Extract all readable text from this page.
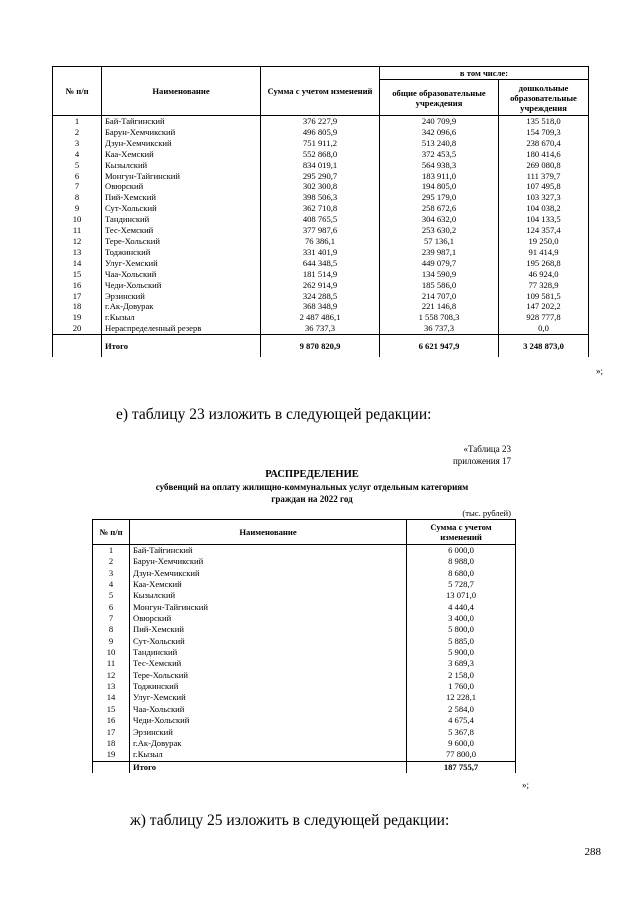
№ п/п	Наименование	Сумма с учетом изменений	в том числе:	
			общие образовательные учреждения	дошкольные образовательные учреждения
1	Бай-Тайгинский	376 227,9	240 709,9	135 518,0
2	Барун-Хемчикский	496 805,9	342 096,6	154 709,3
3	Дзун-Хемчикский	751 911,2	513 240,8	238 670,4
4	Каа-Хемский	552 868,0	372 453,5	180 414,6
5	Кызылский	834 019,1	564 938,3	269 080,8
6	Монгун-Тайгинский	295 290,7	183 911,0	111 379,7
7	Овюрский	302 300,8	194 805,0	107 495,8
8	Пий-Хемский	398 506,3	295 179,0	103 327,3
9	Сут-Хольский	362 710,8	258 672,6	104 038,2
10	Тандинский	408 765,5	304 632,0	104 133,5
11	Тес-Хемский	377 987,6	253 630,2	124 357,4
12	Тере-Хольский	76 386,1	57 136,1	19 250,0
13	Тоджинский	331 401,9	239 987,1	91 414,9
14	Улуг-Хемский	644 348,5	449 079,7	195 268,8
15	Чаа-Хольский	181 514,9	134 590,9	46 924,0
16	Чеди-Хольский	262 914,9	185 586,0	77 328,9
17	Эрзинский	324 288,5	214 707,0	109 581,5
18	г.Ак-Довурак	368 348,9	221 146,8	147 202,2
19	г.Кызыл	2 487 486,1	1 558 708,3	928 777,8
20	Нераспределенный резерв	36 737,3	36 737,3	0,0
	Итого	9 870 820,9	6 621 947,9	3 248 873,0
»;
е) таблицу 23 изложить в следующей редакции:
«Таблица 23
приложения 17
РАСПРЕДЕЛЕНИЕ
субвенций на оплату жилищно-коммунальных услуг отдельным категориям
граждан на 2022 год
(тыс. рублей)
№ п/п	Наименование	Сумма с учетом изменений
1	Бай-Тайгинский	6 000,0
2	Барун-Хемчикский	8 988,0
3	Дзун-Хемчикский	8 680,0
4	Каа-Хемский	5 728,7
5	Кызылский	13 071,0
6	Монгун-Тайгинский	4 440,4
7	Овюрский	3 400,0
8	Пий-Хемский	5 800,0
9	Сут-Хольский	5 885,0
10	Тандинский	5 900,0
11	Тес-Хемский	3 689,3
12	Тере-Хольский	2 158,0
13	Тоджинский	1 760,0
14	Улуг-Хемский	12 228,1
15	Чаа-Хольский	2 584,0
16	Чеди-Хольский	4 675,4
17	Эрзинский	5 367,8
18	г.Ак-Довурак	9 600,0
19	г.Кызыл	77 800,0
	Итого	187 755,7
»;
ж) таблицу 25 изложить в следующей редакции:
288
